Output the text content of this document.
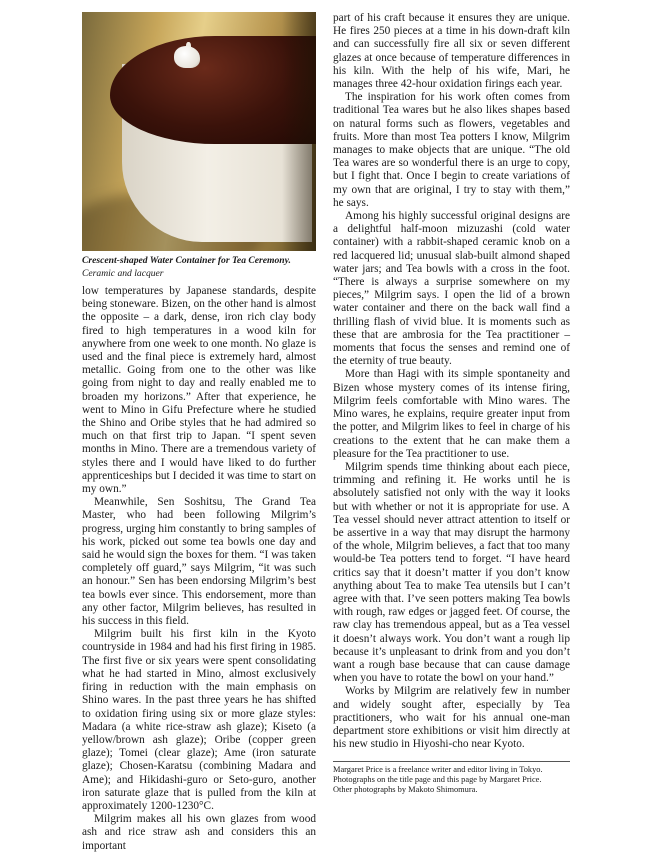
Crescent-shaped Water Container for Tea Ceremony.
Ceramic and lacquer

low temperatures by Japanese standards, despite being stoneware. Bizen, on the other hand is almost the opposite – a dark, dense, iron rich clay body fired to high temperatures in a wood kiln for anywhere from one week to one month. No glaze is used and the final piece is extremely hard, almost metallic. Going from one to the other was like going from night to day and really enabled me to broaden my horizons.” After that experience, he went to Mino in Gifu Prefecture where he studied the Shino and Oribe styles that he had admired so much on that first trip to Japan. “I spent seven months in Mino. There are a tremendous variety of styles there and I would have liked to do further apprenticeships but I decided it was time to start on my own.”

Meanwhile, Sen Soshitsu, The Grand Tea Master, who had been following Milgrim’s progress, urging him constantly to bring samples of his work, picked out some tea bowls one day and said he would sign the boxes for them. “I was taken completely off guard,” says Milgrim, “it was such an honour.” Sen has been endorsing Milgrim’s best tea bowls ever since. This endorsement, more than any other factor, Milgrim believes, has resulted in his success in this field.

Milgrim built his first kiln in the Kyoto countryside in 1984 and had his first firing in 1985. The first five or six years were spent consolidating what he had started in Mino, almost exclusively firing in reduction with the main emphasis on Shino wares. In the past three years he has shifted to oxidation firing using six or more glaze styles: Madara (a white rice-straw ash glaze); Kiseto (a yellow/brown ash glaze); Oribe (copper green glaze); Tomei (clear glaze); Ame (iron saturate glaze); Chosen-Karatsu (combining Madara and Ame); and Hikidashi-guro or Seto-guro, another iron saturate glaze that is pulled from the kiln at approximately 1200-1230°C.

Milgrim makes all his own glazes from wood ash and rice straw ash and considers this an important

part of his craft because it ensures they are unique. He fires 250 pieces at a time in his down-draft kiln and can successfully fire all six or seven different glazes at once because of temperature differences in his kiln. With the help of his wife, Mari, he manages three 42-hour oxidation firings each year.

The inspiration for his work often comes from traditional Tea wares but he also likes shapes based on natural forms such as flowers, vegetables and fruits. More than most Tea potters I know, Milgrim manages to make objects that are unique. “The old Tea wares are so wonderful there is an urge to copy, but I fight that. Once I begin to create variations of my own that are original, I try to stay with them,” he says.

Among his highly successful original designs are a delightful half-moon mizuzashi (cold water container) with a rabbit-shaped ceramic knob on a red lacquered lid; unusual slab-built almond shaped water jars; and Tea bowls with a cross in the foot. “There is always a surprise somewhere on my pieces,” Milgrim says. I open the lid of a brown water container and there on the back wall find a thrilling flash of vivid blue. It is moments such as these that are ambrosia for the Tea practitioner – moments that focus the senses and remind one of the eternity of true beauty.

More than Hagi with its simple spontaneity and Bizen whose mystery comes of its intense firing, Milgrim feels comfortable with Mino wares. The Mino wares, he explains, require greater input from the potter, and Milgrim likes to feel in charge of his creations to the extent that he can make them a pleasure for the Tea practitioner to use.

Milgrim spends time thinking about each piece, trimming and refining it. He works until he is absolutely satisfied not only with the way it looks but with whether or not it is appropriate for use. A Tea vessel should never attract attention to itself or be assertive in a way that may disrupt the harmony of the whole, Milgrim believes, a fact that too many would-be Tea potters tend to forget. “I have heard critics say that it doesn’t matter if you don’t know anything about Tea to make Tea utensils but I can’t agree with that. I’ve seen potters making Tea bowls with rough, raw edges or jagged feet. Of course, the raw clay has tremendous appeal, but as a Tea vessel it doesn’t always work. You don’t want a rough lip because it’s unpleasant to drink from and you don’t want a rough base because that can cause damage when you have to rotate the bowl on your hand.”

Works by Milgrim are relatively few in number and widely sought after, especially by Tea practitioners, who wait for his annual one-man department store exhibitions or visit him directly at his new studio in Hiyoshi-cho near Kyoto.

Margaret Price is a freelance writer and editor living in Tokyo.
Photographs on the title page and this page by Margaret Price.
Other photographs by Makoto Shimomura.
